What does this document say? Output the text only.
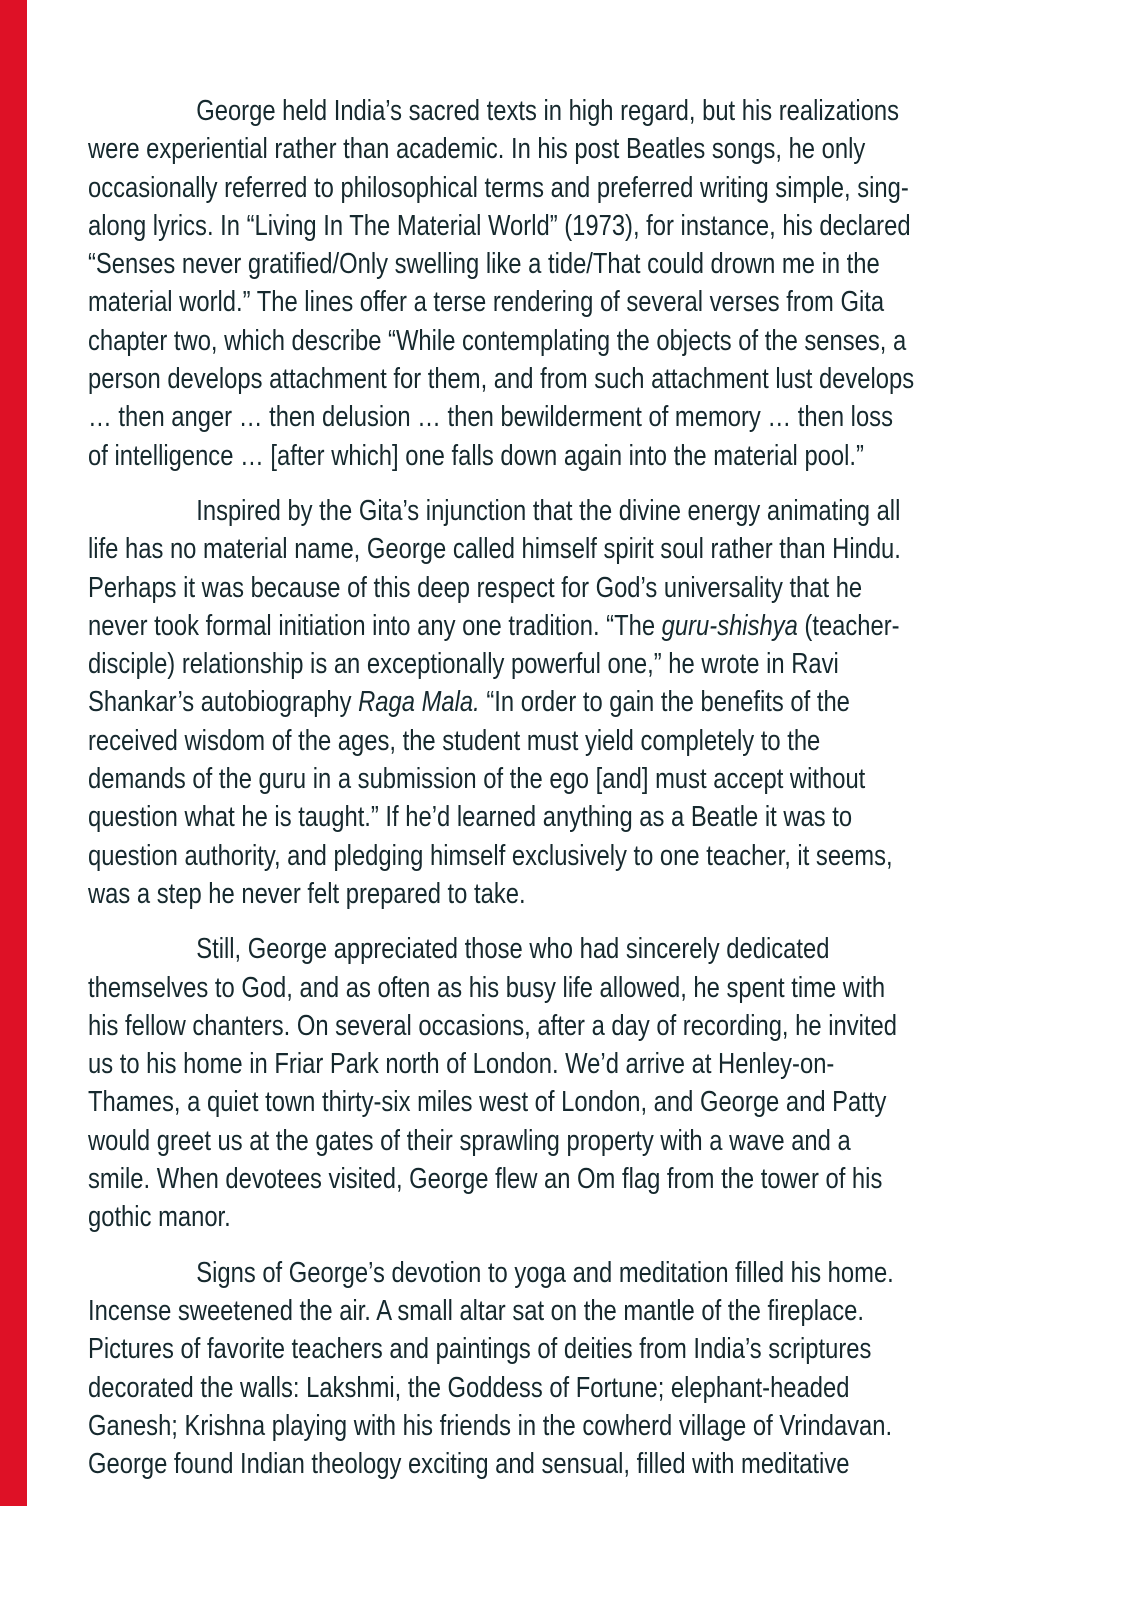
George held India’s sacred texts in high regard, but his realizations
were experiential rather than academic. In his post Beatles songs, he only
occasionally referred to philosophical terms and preferred writing simple, sing-
along lyrics. In “Living In The Material World” (1973), for instance, his declared
“Senses never gratified/Only swelling like a tide/That could drown me in the
material world.” The lines offer a terse rendering of several verses from Gita
chapter two, which describe “While contemplating the objects of the senses, a
person develops attachment for them, and from such attachment lust develops
… then anger … then delusion … then bewilderment of memory … then loss
of intelligence … [after which] one falls down again into the material pool.”

Inspired by the Gita’s injunction that the divine energy animating all
life has no material name, George called himself spirit soul rather than Hindu.
Perhaps it was because of this deep respect for God’s universality that he
never took formal initiation into any one tradition. “The guru-shishya (teacher-
disciple) relationship is an exceptionally powerful one,” he wrote in Ravi
Shankar’s autobiography Raga Mala. “In order to gain the benefits of the
received wisdom of the ages, the student must yield completely to the
demands of the guru in a submission of the ego [and] must accept without
question what he is taught.” If he’d learned anything as a Beatle it was to
question authority, and pledging himself exclusively to one teacher, it seems,
was a step he never felt prepared to take.

Still, George appreciated those who had sincerely dedicated
themselves to God, and as often as his busy life allowed, he spent time with
his fellow chanters. On several occasions, after a day of recording, he invited
us to his home in Friar Park north of London. We’d arrive at Henley-on-
Thames, a quiet town thirty-six miles west of London, and George and Patty
would greet us at the gates of their sprawling property with a wave and a
smile. When devotees visited, George flew an Om flag from the tower of his
gothic manor.

Signs of George’s devotion to yoga and meditation filled his home.
Incense sweetened the air. A small altar sat on the mantle of the fireplace.
Pictures of favorite teachers and paintings of deities from India’s scriptures
decorated the walls: Lakshmi, the Goddess of Fortune; elephant-headed
Ganesh; Krishna playing with his friends in the cowherd village of Vrindavan.
George found Indian theology exciting and sensual, filled with meditative
